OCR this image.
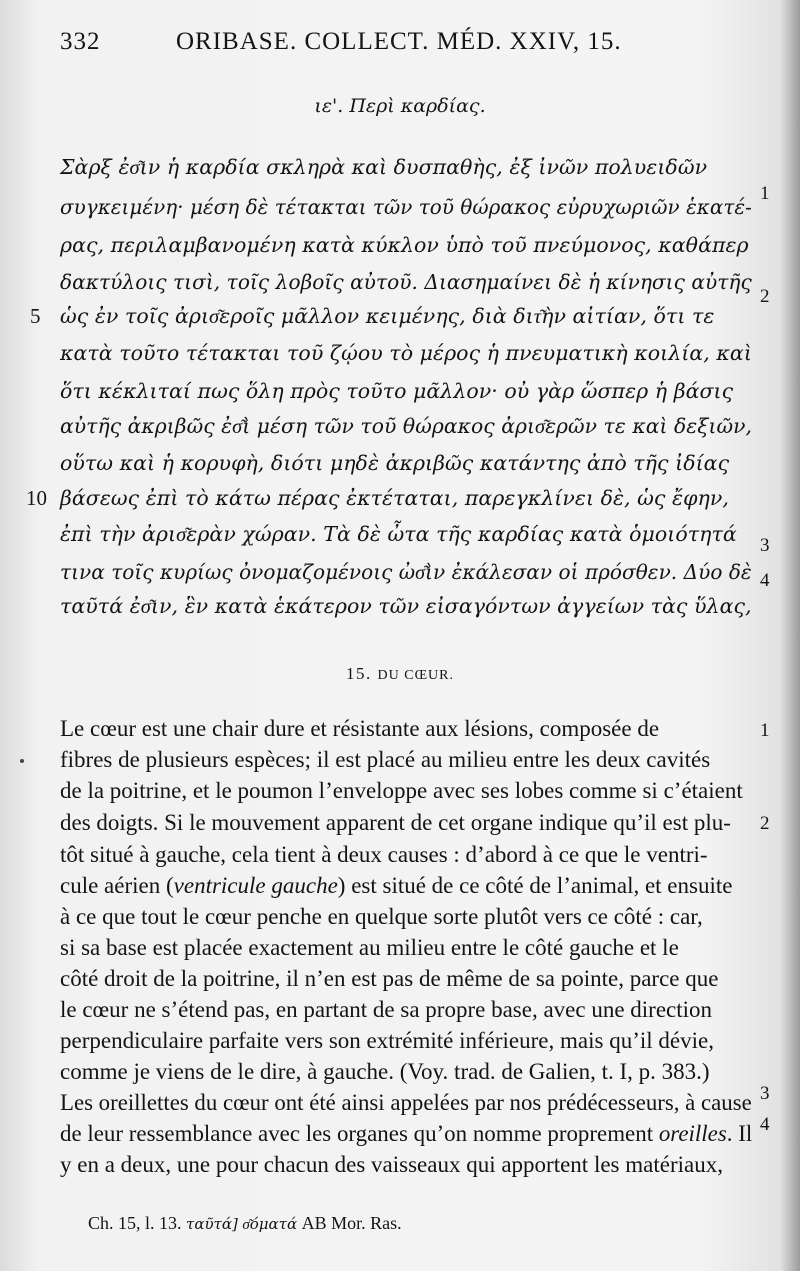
332	ORIBASE. COLLECT. MÉD. XXIV, 15.
ιε'. Περὶ καρδίας.
Σὰρξ ἐσ͂ιν ἡ καρδία σκληρὰ καὶ δυσπαθὴς, ἐξ ἰνῶν πολυειδῶν
συγκειμένη· μέση δὲ τέτακται τῶν τοῦ θώρακος εὐρυχωριῶν ἑκατέ-
ρας, περιλαμβανομένη κατὰ κύκλον ὑπὸ τοῦ πνεύμονος, καθάπερ
δακτύλοις τισὶ, τοῖς λοβοῖς αὐτοῦ. Διασημαίνει δὲ ἡ κίνησις αὐτῆς
ὡς ἐν τοῖς ἀρισ͂εροῖς μᾶλλον κειμένης, διὰ διτ͂ὴν αἰτίαν, ὅτι τε
κατὰ τοῦτο τέτακται τοῦ ζῴου τὸ μέρος ἡ πνευματικὴ κοιλία, καὶ
ὅτι κέκλιταί πως ὅλη πρὸς τοῦτο μᾶλλον· οὐ γὰρ ὥσπερ ἡ βάσις
αὐτῆς ἀκριβῶς ἐσ͂ὶ μέση τῶν τοῦ θώρακος ἀρισ͂ερῶν τε καὶ δεξιῶν,
οὕτω καὶ ἡ κορυφὴ, διότι μηδὲ ἀκριβῶς κατάντης ἀπὸ τῆς ἰδίας
βάσεως ἐπὶ τὸ κάτω πέρας ἐκτέταται, παρεγκλίνει δὲ, ὡς ἔφην,
ἐπὶ τὴν ἀρισ͂ερὰν χώραν. Τὰ δὲ ὦτα τῆς καρδίας κατὰ ὁμοιότητά
τινα τοῖς κυρίως ὀνομαζομένοις ὠσ͂ὶν ἐκάλεσαν οἱ πρόσθεν. Δύο δὲ
ταῦτά ἐσ͂ιν, ἓν κατὰ ἑκάτερον τῶν εἰσαγόντων ἀγγείων τὰς ὕλας,
5
10
1
2
3
4
15. DU CŒUR.
Le cœur est une chair dure et résistante aux lésions, composée de
fibres de plusieurs espèces; il est placé au milieu entre les deux cavités
de la poitrine, et le poumon l’enveloppe avec ses lobes comme si c’étaient
des doigts. Si le mouvement apparent de cet organe indique qu’il est plu-
tôt situé à gauche, cela tient à deux causes : d’abord à ce que le ventri-
cule aérien (ventricule gauche) est situé de ce côté de l’animal, et ensuite
à ce que tout le cœur penche en quelque sorte plutôt vers ce côté : car,
si sa base est placée exactement au milieu entre le côté gauche et le
côté droit de la poitrine, il n’en est pas de même de sa pointe, parce que
le cœur ne s’étend pas, en partant de sa propre base, avec une direction
perpendiculaire parfaite vers son extrémité inférieure, mais qu’il dévie,
comme je viens de le dire, à gauche. (Voy. trad. de Galien, t. I, p. 383.)
Les oreillettes du cœur ont été ainsi appelées par nos prédécesseurs, à cause
de leur ressemblance avec les organes qu’on nomme proprement oreilles. Il
y en a deux, une pour chacun des vaisseaux qui apportent les matériaux,
1
2
3
4
Ch. 15, l. 13. ταῦτά] σ͂όματά AB Mor. Ras.
